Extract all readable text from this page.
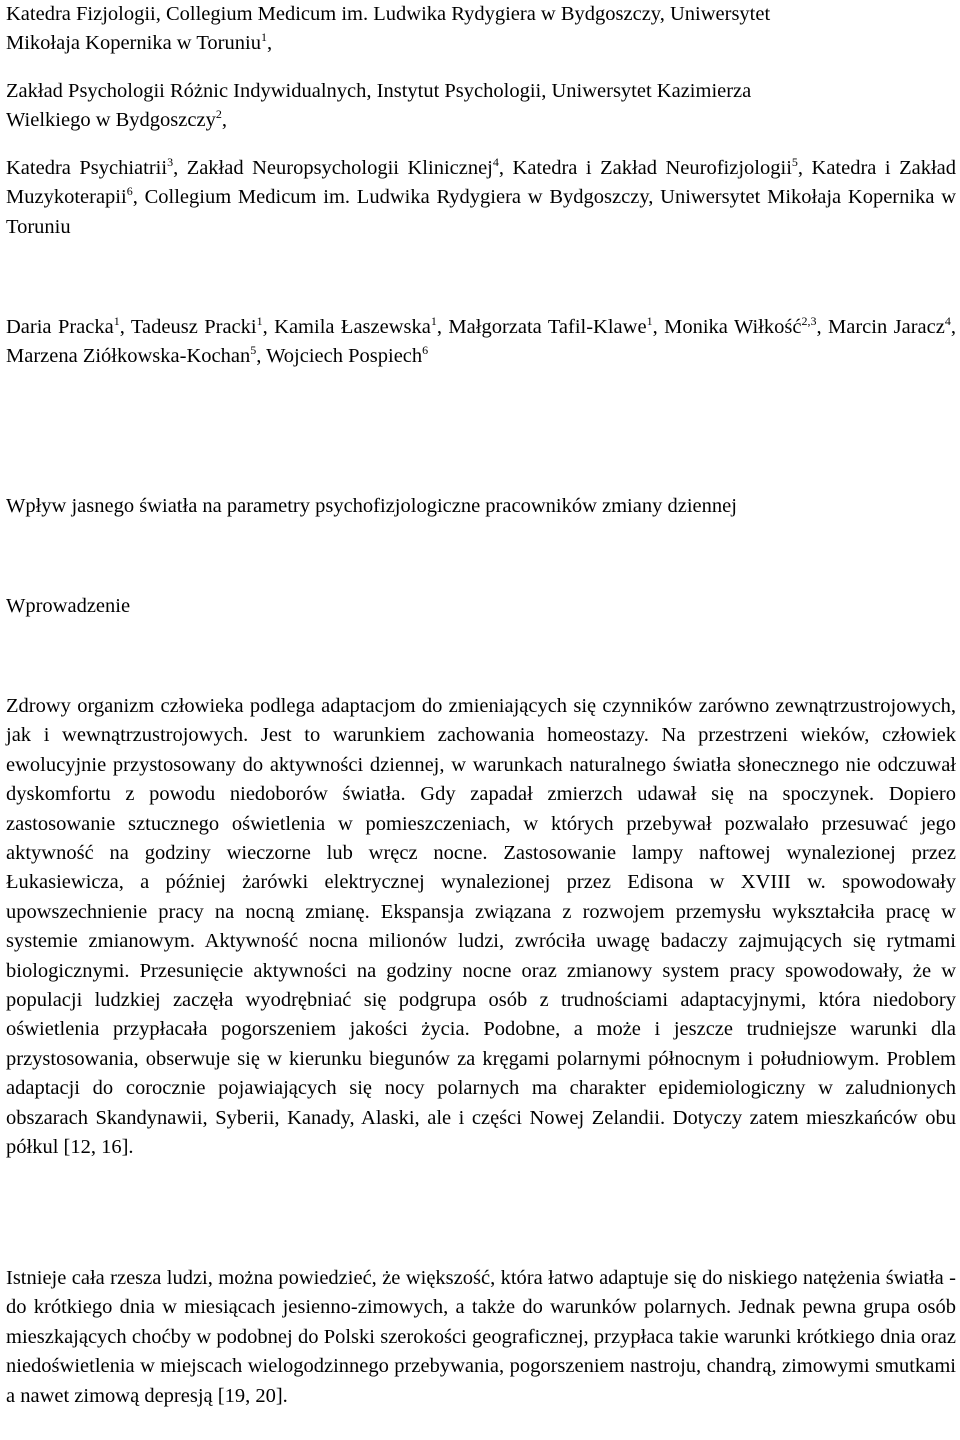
Katedra Fizjologii, Collegium Medicum im. Ludwika Rydygiera w Bydgoszczy, Uniwersytet
Mikołaja Kopernika w Toruniu$^1$,
Zakład Psychologii Różnic Indywidualnych, Instytut Psychologii, Uniwersytet Kazimierza
Wielkiego w Bydgoszczy$^2$,

Katedra Psychiatrii$^3$, Zakład Neuropsychologii Klinicznej$^4$, Katedra i Zakład Neurofizjologii$^5$, Katedra i Zakład Muzykoterapii$^6$, Collegium Medicum im. Ludwika Rydygiera w Bydgoszczy, Uniwersytet Mikołaja Kopernika w Toruniu

Daria Pracka$^1$, Tadeusz Pracki$^1$, Kamila Łaszewska$^1$, Małgorzata Tafil-Klawe$^1$, Monika Wiłkość$^{2,3}$, Marcin Jaracz$^4$, Marzena Ziółkowska-Kochan$^5$, Wojciech Pospiech$^6$

Wpływ jasnego światła na parametry psychofizjologiczne pracowników zmiany dziennej
Wprowadzenie

Zdrowy organizm człowieka podlega adaptacjom do zmieniających się czynników zarówno zewnątrzustrojowych, jak i wewnątrzustrojowych. Jest to warunkiem zachowania homeostazy. Na przestrzeni wieków, człowiek ewolucyjnie przystosowany do aktywności dziennej, w warunkach naturalnego światła słonecznego nie odczuwał dyskomfortu z powodu niedoborów światła. Gdy zapadał zmierzch udawał się na spoczynek. Dopiero zastosowanie sztucznego oświetlenia w pomieszczeniach, w których przebywał pozwalało przesuwać jego aktywność na godziny wieczorne lub wręcz nocne. Zastosowanie lampy naftowej wynalezionej przez Łukasiewicza, a później żarówki elektrycznej wynalezionej przez Edisona w XVIII w. spowodowały upowszechnienie pracy na nocną zmianę. Ekspansja związana z rozwojem przemysłu wykształciła pracę w systemie zmianowym. Aktywność nocna milionów ludzi, zwróciła uwagę badaczy zajmujących się rytmami biologicznymi. Przesunięcie aktywności na godziny nocne oraz zmianowy system pracy spowodowały, że w populacji ludzkiej zaczęła wyodrębniać się podgrupa osób z trudnościami adaptacyjnymi, która niedobory oświetlenia przypłacała pogorszeniem jakości życia. Podobne, a może i jeszcze trudniejsze warunki dla przystosowania, obserwuje się w kierunku biegunów za kręgami polarnymi północnym i południowym. Problem adaptacji do corocznie pojawiających się nocy polarnych ma charakter epidemiologiczny w zaludnionych obszarach Skandynawii, Syberii, Kanady, Alaski, ale i części Nowej Zelandii. Dotyczy zatem mieszkańców obu półkul [12, 16].

Istnieje cała rzesza ludzi, można powiedzieć, że większość, która łatwo adaptuje się do niskiego natężenia światła - do krótkiego dnia w miesiącach jesienno-zimowych, a także do warunków polarnych. Jednak pewna grupa osób mieszkających choćby w podobnej do Polski szerokości geograficznej, przypłaca takie warunki krótkiego dnia oraz niedoświetlenia w miejscach wielogodzinnego przebywania, pogorszeniem nastroju, chandrą, zimowymi smutkami a nawet zimową depresją [19, 20].
